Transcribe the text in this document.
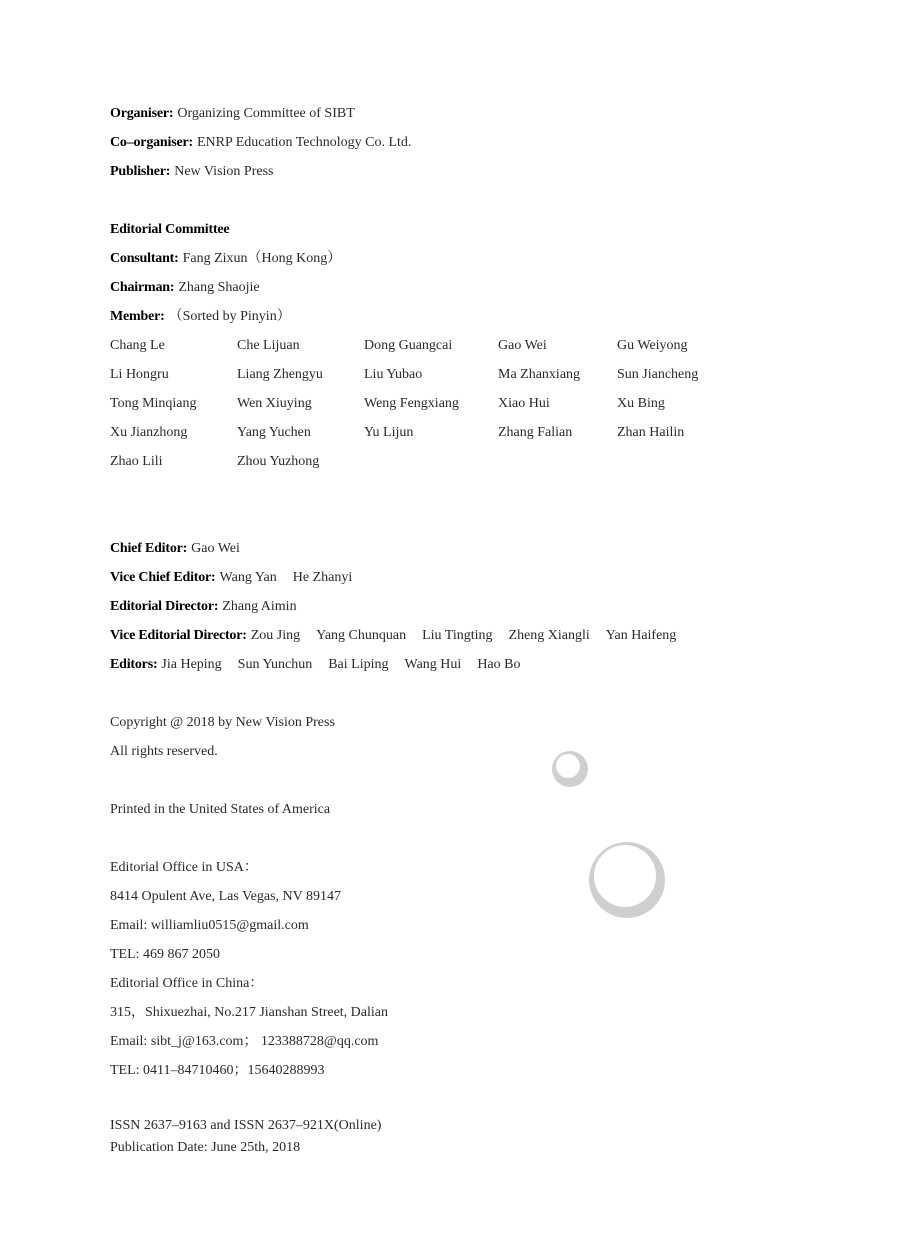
Organiser: Organizing Committee of SIBT
Co–organiser: ENRP Education Technology Co. Ltd.
Publisher: New Vision Press
Editorial Committee
Consultant: Fang Zixun（Hong Kong）
Chairman: Zhang Shaojie
Member: （Sorted by Pinyin）
Chang Le	Che Lijuan	Dong Guangcai	Gao Wei	Gu Weiyong
Li Hongru	Liang Zhengyu	Liu Yubao	Ma Zhanxiang	Sun Jiancheng
Tong Minqiang	Wen Xiuying	Weng Fengxiang	Xiao Hui	Xu Bing
Xu Jianzhong	Yang Yuchen	Yu Lijun	Zhang Falian	Zhan Hailin
Zhao Lili	Zhou Yuzhong
Chief Editor: Gao Wei
Vice Chief Editor: Wang Yan He Zhanyi
Editorial Director: Zhang Aimin
Vice Editorial Director: Zou Jing Yang Chunquan Liu Tingting Zheng Xiangli Yan Haifeng
Editors: Jia Heping Sun Yunchun Bai Liping Wang Hui Hao Bo
Copyright @ 2018 by New Vision Press
All rights reserved.
Printed in the United States of America
Editorial Office in USA：
8414 Opulent Ave, Las Vegas, NV 89147
Email: williamliu0515@gmail.com
TEL: 469 867 2050
Editorial Office in China：
315，Shixuezhai, No.217 Jianshan Street, Dalian
Email: sibt_j@163.com； 123388728@qq.com
TEL: 0411–84710460；15640288993
ISSN 2637–9163 and ISSN 2637–921X(Online)
Publication Date: June 25th, 2018
